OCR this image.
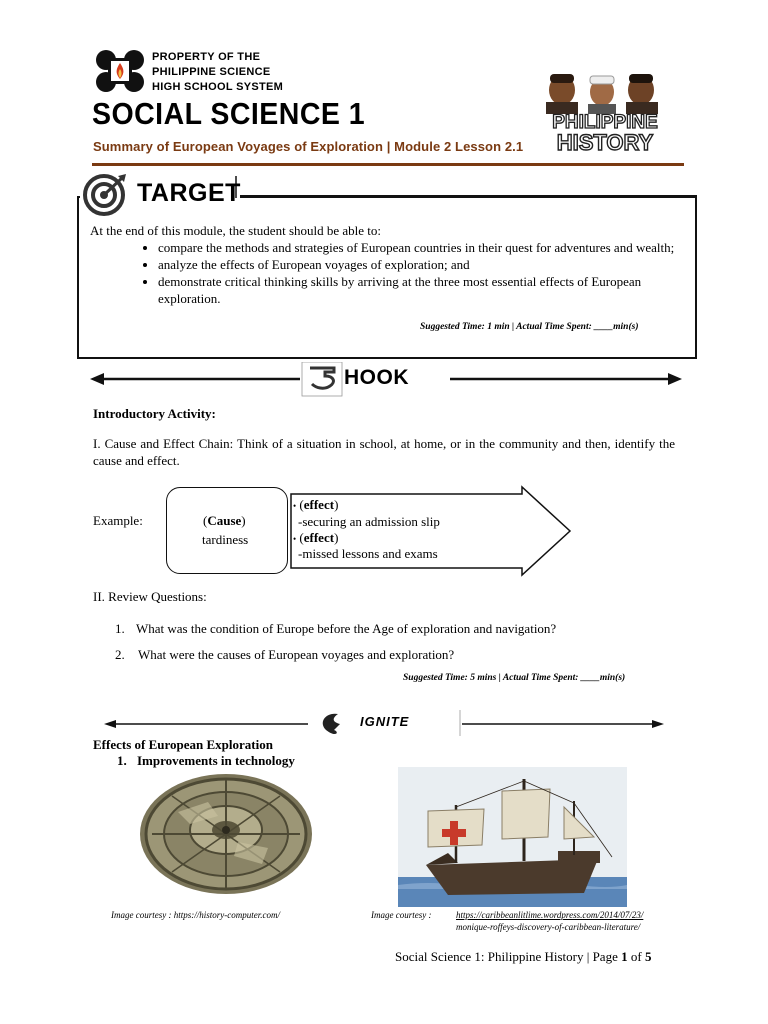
PROPERTY OF THE
PHILIPPINE SCIENCE
HIGH SCHOOL SYSTEM
SOCIAL SCIENCE 1
Summary of European Voyages of Exploration | Module 2 Lesson 2.1
PHILIPPINE
HISTORY
TARGET
At the end of this module, the student should be able to:
• compare the methods and strategies of European countries in their quest for adventures and wealth;
• analyze the effects of European voyages of exploration; and
• demonstrate critical thinking skills by arriving at the three most essential effects of European exploration.
Suggested Time: 1 min | Actual Time Spent: ____min(s)
HOOK
Introductory Activity:
I. Cause and Effect Chain: Think of a situation in school, at home, or in the community and then, identify the cause and effect.
Example:	(Cause)
tardiness
• (effect)
-securing an admission slip
• (effect)
-missed lessons and exams
II. Review Questions:
1. What was the condition of Europe before the Age of exploration and navigation?
2. What were the causes of European voyages and exploration?
Suggested Time: 5 mins | Actual Time Spent: ____min(s)
IGNITE
Effects of European Exploration
1. Improvements in technology
Image courtesy : https://history-computer.com/	Image courtesy :	https://caribbeanlitlime.wordpress.com/2014/07/23/
monique-roffeys-discovery-of-caribbean-literature/
Social Science 1: Philippine History | Page 1 of 5
